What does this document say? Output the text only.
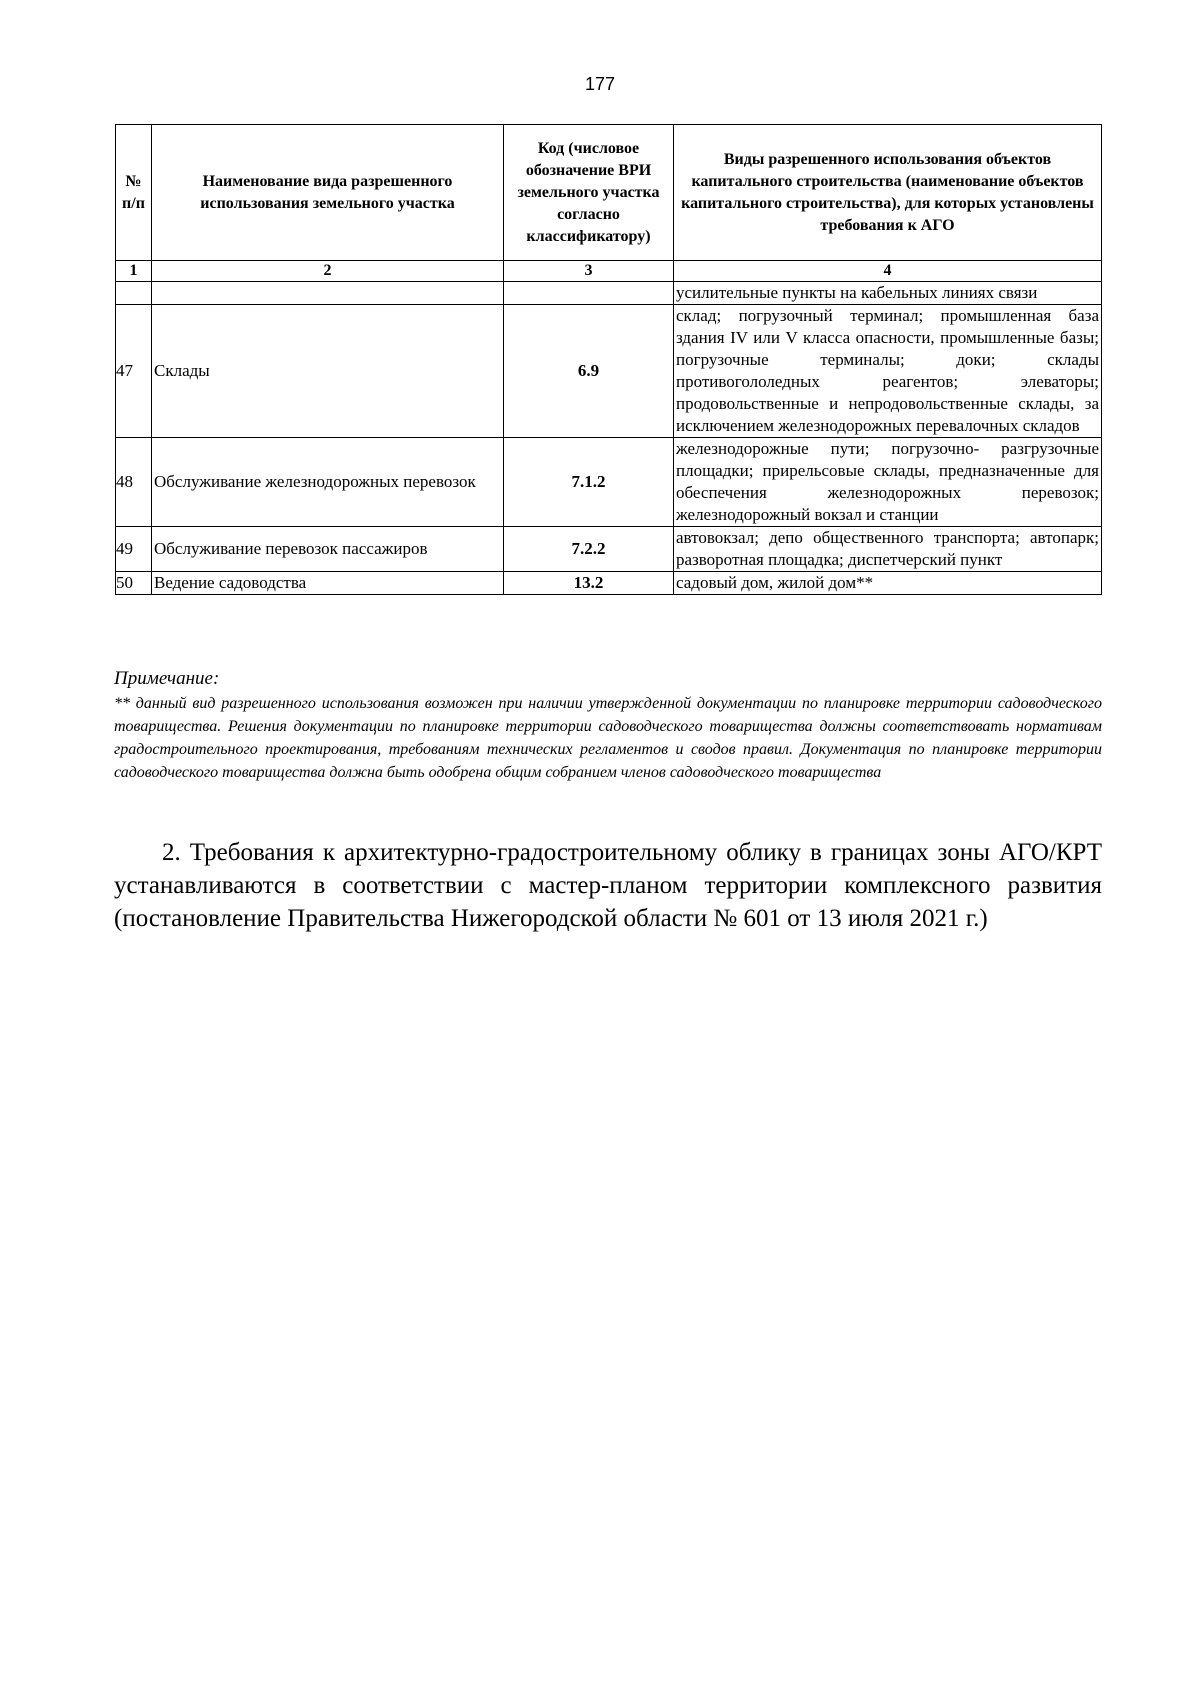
177
№ п/п	Наименование вида разрешенного использования земельного участка	Код (числовое обозначение ВРИ земельного участка согласно классификатору)	Виды разрешенного использования объектов капитального строительства (наименование объектов капитального строительства), для которых установлены требования к АГО
1	2	3	4
			усилительные пункты на кабельных линиях связи
47	Склады	6.9	склад; погрузочный терминал; промышленная база здания IV или V класса опасности, промышленные базы; погрузочные терминалы; доки; склады противогололедных реагентов; элеваторы; продовольственные и непродовольственные склады, за исключением железнодорожных перевалочных складов
48	Обслуживание железнодорожных перевозок	7.1.2	железнодорожные пути; погрузочно- разгрузочные площадки; прирельсовые склады, предназначенные для обеспечения железнодорожных перевозок; железнодорожный вокзал и станции
49	Обслуживание перевозок пассажиров	7.2.2	автовокзал; депо общественного транспорта; автопарк; разворотная площадка; диспетчерский пункт
50	Ведение садоводства	13.2	садовый дом, жилой дом**
Примечание:
** данный вид разрешенного использования возможен при наличии утвержденной документации по планировке территории садоводческого товарищества. Решения документации по планировке территории садоводческого товарищества должны соответствовать нормативам градостроительного проектирования, требованиям технических регламентов и сводов правил. Документация по планировке территории садоводческого товарищества должна быть одобрена общим собранием членов садоводческого товарищества
2. Требования к архитектурно-градостроительному облику в границах зоны АГО/КРТ устанавливаются в соответствии с мастер-планом территории комплексного развития (постановление Правительства Нижегородской области № 601 от 13 июля 2021 г.)
